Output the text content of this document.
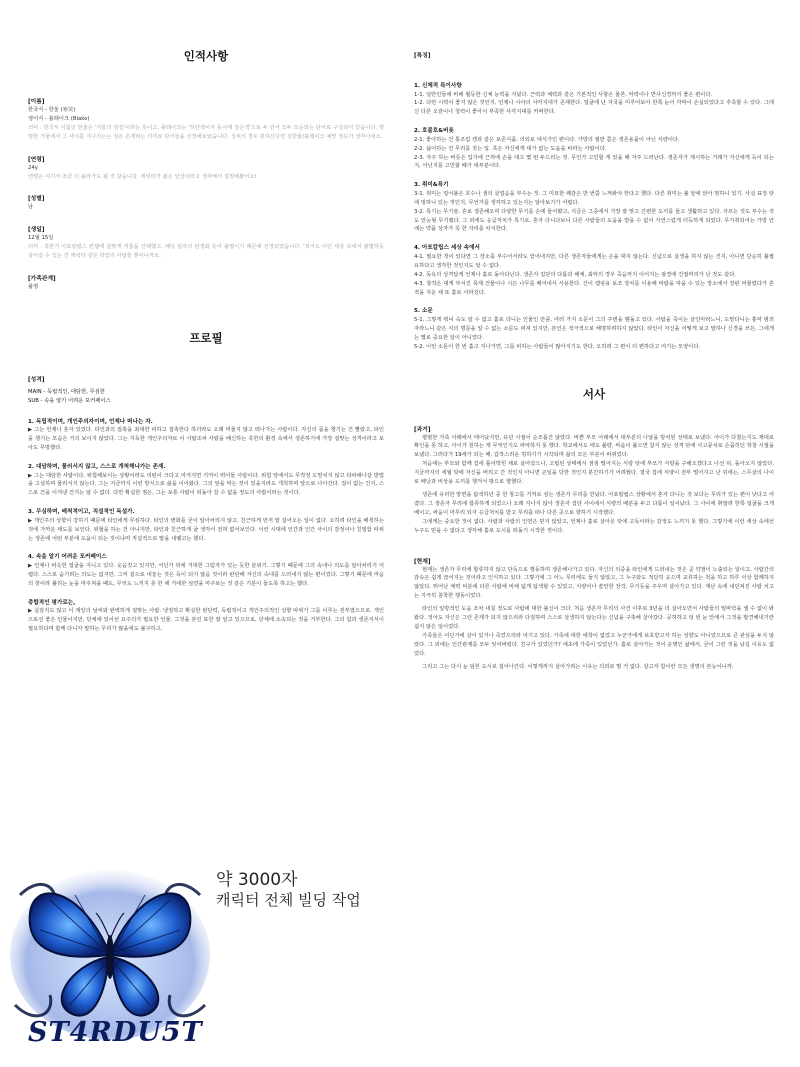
인적사항
[이름]
한국식 - 한울 (寒旲)
영어식 - 블레이크 (Blake)
의미 : 한국식 이름인 한울은 '겨울의 검정'이라는 뜻이고, 블레이크는 '하얀색이자 동시에 검은색'으로 두 언어 모두 모순되는 단어로 구성되어 있습니다. 명명한 거울에서 그 사이를 지나가는는 검은 존재라는 의미로 단어들을 선정해보았습니다. 성씨의 경우 원하신다면 김한울/블레이크 예맛 정도가 생각나네요.
[연령]
24y
연령은 여기서 조금 더 올라가도 될 것 같습니다. 캐릭터가 젊은 인상이라고 생각해서 설정해봤어요!
[성별]
남
[생일]
12월 15일
의미 : 흑한기 아포칼립스 컨셉에 걸맞게 겨울을 선택했고, 해당 일자의 탄생화 뜻이 불멸이기 때문에 선정되었습니다. '적어도 이런 세상 속에서 불멸하듯 살아갈 수 있는 건 캐릭터 같은 타입의 사람들 뿐이니까요.
[가족관계]
불명
프로필
[성격]
MAIN - 독립적인, 대담한, 무심한
SUB - 속을 알기 어려운 포커페이스
1. 독립적이며, 개인주의자이며, 언제나 떠나는 자.
▶ 그는 언제나 혼자 있었다. 타인과의 접촉을 최대한 피하고 접촉한다 하더라도 오래 머물지 않고 떠나가는 사람이다. 자신의 몫을 챙기는 건 빨랐고, 타인을 챙기는 모습은 거의 보이지 않았다. 그는 지독한 개인주의자로 이 사람조차 사람을 배신하는 혹한의 환경 속에서 생존하기에 가장 걸맞는 성격이라고 보아도 무방했다.
2. 대담하며, 물러서지 않고, 스스로 개척해나가는 존재.
▶ 그는 대담한 사람이다. 위험해보이는 상황이라도 리턴이 크다고 여겨지면 기꺼이 뛰어들 사람이다. 위험 앞에서도 무작정 도망치지 않고 타파해나갈 방법을 고심하며 물러서지 않는다. 그는 지금까지 이런 방식으로 삶을 이어왔다. 그의 앞을 막는 것이 있을지라도 개척하며 앞으로 나아간다. 걸이 없는 건지, 스스로 건을 이겨낸 건지는 알 수 없다. 다만 확실한 점은, 그는 보통 사람이 뒤돌아 갈 수 없을 정도의 사람이라는 것이다.
3. 무심하며, 배척적이고, 직설적인 독설가.
▶ 개인주의 성향이 강하기 때문에 타인에게 무심하다. 타인의 변화를 굳이 알아차리지 않고, 친근하게 먼저 말 걸어오는 일이 없다. 오히려 타인을 배척하는 것에 가까운 태도를 보인다. 위협을 하는 건 아니지만, 타인과 친근하게 굴 생각이 전혀 없어보인다. 이런 시대에 인간과 인간 사이의 감정이나 친밀함 따위는 생존에 어떤 부분에 도움이 되는 것이냐며 직설적으로 말을 내뱉고는 했다.
4. 속을 알기 어려운 포커페이스
▶ 언제나 비슷한 얼굴을 지니고 있다. 웃음짓고 있지만, 어딘가 뒤에 거대한 그림자가 있는 듯한 분위기. 그렇기 때문에 그의 속내나 의도를 알아차리기 어렵다. 스스로 숨기려는 의도는 없지만, 그저 겉으로 내놓는 것은 득이 되지 않음 것이라 판단해 자신의 속내를 드러내지 않는 편이었다. 그렇기 때문에 마음의 창이라 불리는 눈을 마주쳐을 때도, 무엇도 느끼지 못 한 채 거대한 심연을 마주보는 것 같은 기분이 들도록 하고는 했다.
총합적인 평가로는,
▶ 실감지도 않고 이 재앙의 날씨와 완벽하게 걸맞는 사람. 냉정하고 확실한 판단력, 독립적이고 개인주의적인 성향 따위가 그를 이루는 전부였으므로. 개인으로선 좋은 인물이지만, 단체에 있어선 요주의가 필요한 인물. 그것을 본인 또한 잘 알고 있으므로, 단체에 소속되는 것을 거부한다. 그의 힘과 생존지식이 필요하다며 함께 다니자 말하는 무리가 많을에도 불구하고.
[특징]
1. 신체적 특이사항
1-1. 일반인들에 비해 월등한 신체 능력을 지녔다. 근력과 체력과 같은 기본적인 사항은 물론, 악력이나 반사신경까지 좋은 편이다.
1-2. 다만 시력이 좋지 않은 것인지, 언제나 시야의 사각지대가 존재한다. 얼굴에 난 자국을 미루어보아 한쪽 눈이 각막이 손실되었다고 추측할 수 있다. 그대신 다른 오감이나 청력이 좋아서 부족한 사각지대를 커버한다.
2. 호불호&버릇
2-1. 좋아하는 건 통조림 캔과 같은 보존식품. 의외로 대식가인 편이다. 가방의 절반 쯤은 생존용품이 아닌 식량이다.
2-2. 싫어하는 건 무리를 짓는 일. 혹은 자신에게 대가 없는 도움을 바라는 사람이다.
2-3. 자주 하는 버릇은 입가에 근처에 손을 대고 몇 번 두드리는 것. 무언가 고민할 게 있을 때 자주 드러난다. 생존자가 제시하는 거래가 자신에게 득이 되는지, 아닌지를 고민할 때가 대부분이다.
3. 취미&특기
3-1. 취미는 얼어붙은 호수나 샘의 살얼음을 부수는 것. 그 미묘한 쾌감은 반 번쯤 느껴봐야 한다고 했다. 다른 취미는 불 앞에 앉아 멍하니 있기. 사실 표정 탓에 멍하니 있는 것인지, 무언가를 생각하고 있는지는 알아보기가 어렵다.
3-2. 특기는 무기술. 흔로 생존해오며 다양한 무기를 손에 들어봤고, 지금은 그중에서 가장 잘 맞고 간편한 도끼를 들고 생활하고 있다. 자르는 것도 부수는 것도 만능형 무기랬다. 그 외에도 응급처치가 특기로, 혼자 다니다보니 다른 사람들의 도움을 받을 수 없어 자연스럽게 터득하게 되었다. 무기취되어는 가방 안에는 약품 상자가 꼭 한 자리를 차지한다.
4. 아포칼립스 세상 속에서
4-1. 필요한 것이 있다면 그 장소를 부수어서라도 얻어내지만, 다른 생존자들에게는 손을 대지 않는다. 신념으로 살생을 하지 않는 건지, 아니면 단순히 불필요하다고 생각한 것인지도 알 수 없다.
4-2. 독유의 성격답게 언제나 홀로 돌아다닌다. 생존자 집단의 다툼과 해체, 최악의 경우 죽음까지 이어지는 광경에 진절머리가 난 것도 같다.
4-3. 창작은 대게 부서진 목재 건물이나 시든 나무를 베어내서 사용한다. 간이 캠핑용 보조 장치를 이용해 바람을 막을 수 있는 장소에서 장판 머물렀다가 흔적을 지운 채 또 홀로 사라진다.
5. 소문
5-1. 그렇게 뭐닉 숙도 알 수 없고 홀로 다니는 인물인 만큼, 여러 가지 소문이 그의 주변을 맴돌고 있다. 사람을 죽이는 살인마라느니, 도망다니는 흉악 범죄자라느니 같은 식의 명문을 알 수 없는 소문도 퍼져 있지만, 본인은 적극적으로 해명하려하지 않았다. 타인이 자신을 어떻게 보고 말하나 신경을 쓰든, 그에게는 별로 중요한 일이 아니었다.
5-2. 이런 소문이 한 번 홀고 지나가면, 그를 피하는 사람들이 많아지기도 한다. 오히려 그 편이 더 편하다고 여기는 모양이다.
서사
[과거]
평범한 가족 아래에서 태어났지만, 유년 시절이 순조롭진 않았다. 바쁜 부모 아래에서 대부분의 나날을 방치된 상태로 보냈다. 아이가 다쳤는지도 제대로 확인을 못 하고, 아이가 원하는 게 무엇인지도 파악하지 못 했다. 학교에서도 태도 불량, 싸움이 붙으면 참지 않는 성격 탓에 사고뭉치로 손꼽히던 학창 시절을 보냈다. 그러다가 19세가 되는 해, 갑작스러운 빙하기가 시작되며 삶의 모든 부분이 바뀌었다.
처음에는 부모와 함께 집에 틀어박힌 채로 살아갔으나, 고립된 상태에서 점점 떨어지는 식량 탓에 부모가 식량을 구해오겠다고 나선 뒤, 돌아오지 않았다. 지금까지의 세월 탓에 자신을 버리고 간 것인지 아니면 곤일을 당한 것인지 분간하기가 어려웠다. 결국 집에 식량이 전부 떨어지고 난 뒤에는, 스무살의 나이로 배낭과 비상용 도끼를 챙겨서 밖으로 향했다.
생존에 유리한 방면을 탐색하던 중 한 창고를 거처로 삼는 생존자 무리를 만났다. 아포칼립스 상황에서 혼자 다니는 것 보다는 무리가 있는 편이 낫다고 여겼다. 그 생존자 무리에 합류하게 되었으나 오래 지나지 않아 생존자 집단 사이에서 식량의 배분을 두고 다툼이 일어났다. 그 사이에 휘말려 한쪽 얼굴을 크게 베이고, 싸움이 마무리 되자 응급처치를 받고 무리를 떠나 다른 곳으로 향하기 시작했다.
그에게는 중요한 것이 없다. 사람과 사람의 인연은 믿지 않았고, 언제나 홀로 살아온 탓에 고독이라는 감정도 느끼지 못 했다. 그렇기에 이런 세상 속에선 누구도 믿을 수 없다고 생각해 홀로 도시를 떠돌기 시작한 것이다.
[현재]
현재는 생존자 무리에 합류하지 않고 단독으로 행동하며 생존해나가고 있다. 자신의 의중을 타인에게 드러내는 것은 곧 약점이 노출되는 일이고, 사람간의 감속은 쉽게 끊어지는 것이라고 인식하고 있다. 그렇기에 그 어느 무리에도 들지 않았고, 그 누구와도 적당히 웃으며 교류하는 척을 하고 하루 이상 함께하지 않았다. 뛰어난 체력 덕분에 다른 사람에 비해 넓게 탐색할 수 있었고, 식량이나 쓸만한 장작, 무기등을 주우며 살아가고 있다. 재난 속에 내던져진 사람 치고는 지극히 침착한 행동이었다.
타인의 일방적인 도움 조차 내칠 정도로 사람에 대한 불신이 크다. 처음 생존자 무리의 사건 이후로 3년을 더 살아오면서 사람들의 밑바닥을 셀 수 없이 봐왔다. 적어도 자신은 그런 존재가 되지 않으리라 다짐하며 스스로 살생하지 않는다는 신념을 구축해 살아갔다. 공허하고 텅 빈 눈 안에서 그것을 발견해내기란 쉽지 않은 일이었다.
가족들은 어딘가에 살아 있거나 죽었으리라 여기고 있다. 가족에 대한 애착이 없었고 누군가에게 보호받고자 하는 성향도 아니었으므로 큰 관심을 두지 않았다. 그 외에는 인간관계를 모두 잊어버렸다. 친구가 있었던가? 애초에 가족이 있었던가. 홀로 살아가는 것이 운명인 삶에서, 굳이 그런 것을 남길 이유도 없었다.
그리고 그는 다시 눈 덮힌 도시로 걸어나간다. 이렇게까지 살아가려는 이유는 의외로 별 거 없다. 살고자 함이란 모든 생명의 본능이니까.
약 3000자
캐릭터 전체 빌딩 작업
ST4RDU5T
